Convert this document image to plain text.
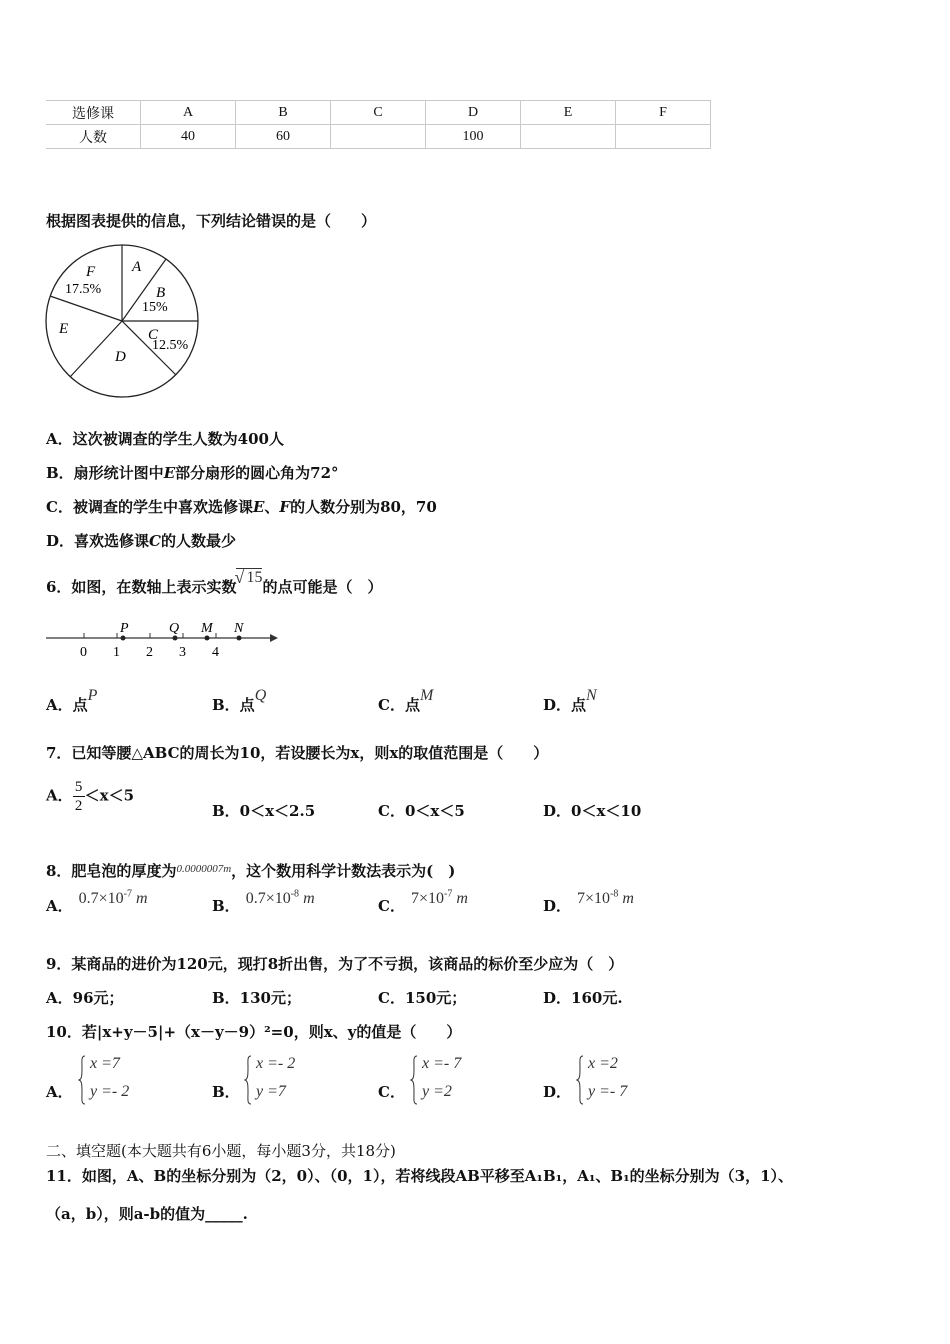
选修课	A	B	C	D	E	F
人数	40	60		100		
根据图表提供的信息，下列结论错误的是（　　）
A
B
15%
C
12.5%
D
E
F
17.5%
A．这次被调查的学生人数为400人
B．扇形统计图中E部分扇形的圆心角为72°
C．被调查的学生中喜欢选修课E、F的人数分别为80，70
D．喜欢选修课C的人数最少
6．如图，在数轴上表示实数
√ 15的点可能是（　）
0 1 2 3 4
P	Q M N
A．点P
B．点Q
C．点M
D．点N
7．已知等腰△ABC的周长为10，若设腰长为x，则x的取值范围是（　　）
A． $\frac{5}{2} <x<5$
B．0＜x＜2.5	C．0＜x＜5	D．0＜x＜10
8．肥皂泡的厚度为$^{0.0000007m}$，这个数用科学计数法表示为(　)
A． $0.7\times 10^{-7}$ m	B． $0.7\times 10^{-8}$ m	C． $7\times 10^{-7}$ m	D． $7\times 10^{-8}$ m
9．某商品的进价为120元，现打8折出售，为了不亏损，该商品的标价至少应为（　）
A．96元；	B．130元；	C．150元；	D．160元.
10．若|x+y－5|+（x－y－9）²=0，则x、y的值是（　　）
A．
x =7
y =- 2	B．
x =- 2
y =7	C．
x =- 7
y =2	D．
x =2
y =- 7
二、填空题(本大题共有6小题，每小题3分，共18分)
11．如图，A、B的坐标分别为（2，0）、（0，1），若将线段AB平移至A₁B₁，A₁、B₁的坐标分别为（3，1）、
（a，b），则a-b的值为_____.
